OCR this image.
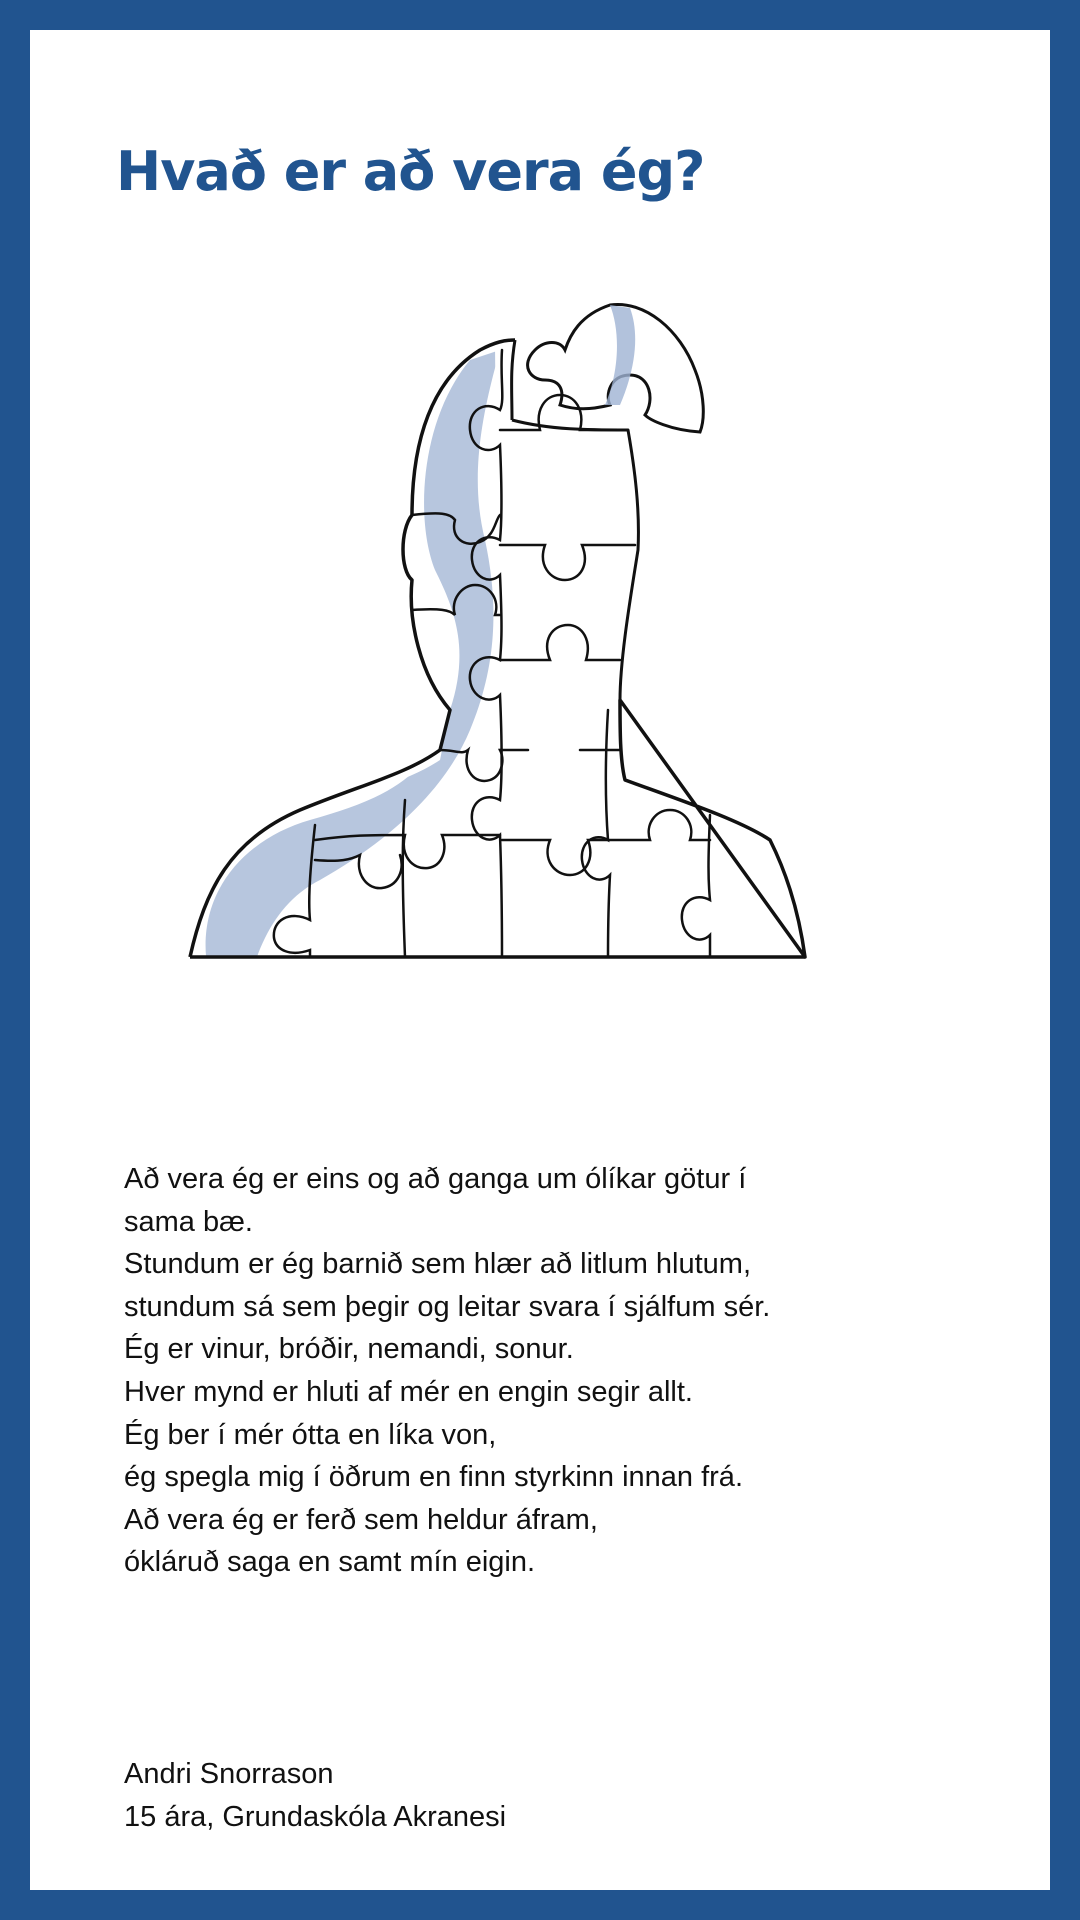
Hvað er að vera ég?
Að vera ég er eins og að ganga um ólíkar götur í
sama bæ.
Stundum er ég barnið sem hlær að litlum hlutum,
stundum sá sem þegir og leitar svara í sjálfum sér.
Ég er vinur, bróðir, nemandi, sonur.
Hver mynd er hluti af mér en engin segir allt.
Ég ber í mér ótta en líka von,
ég spegla mig í öðrum en finn styrkinn innan frá.
Að vera ég er ferð sem heldur áfram,
ókláruð saga en samt mín eigin.
Andri Snorrason
15 ára, Grundaskóla Akranesi
